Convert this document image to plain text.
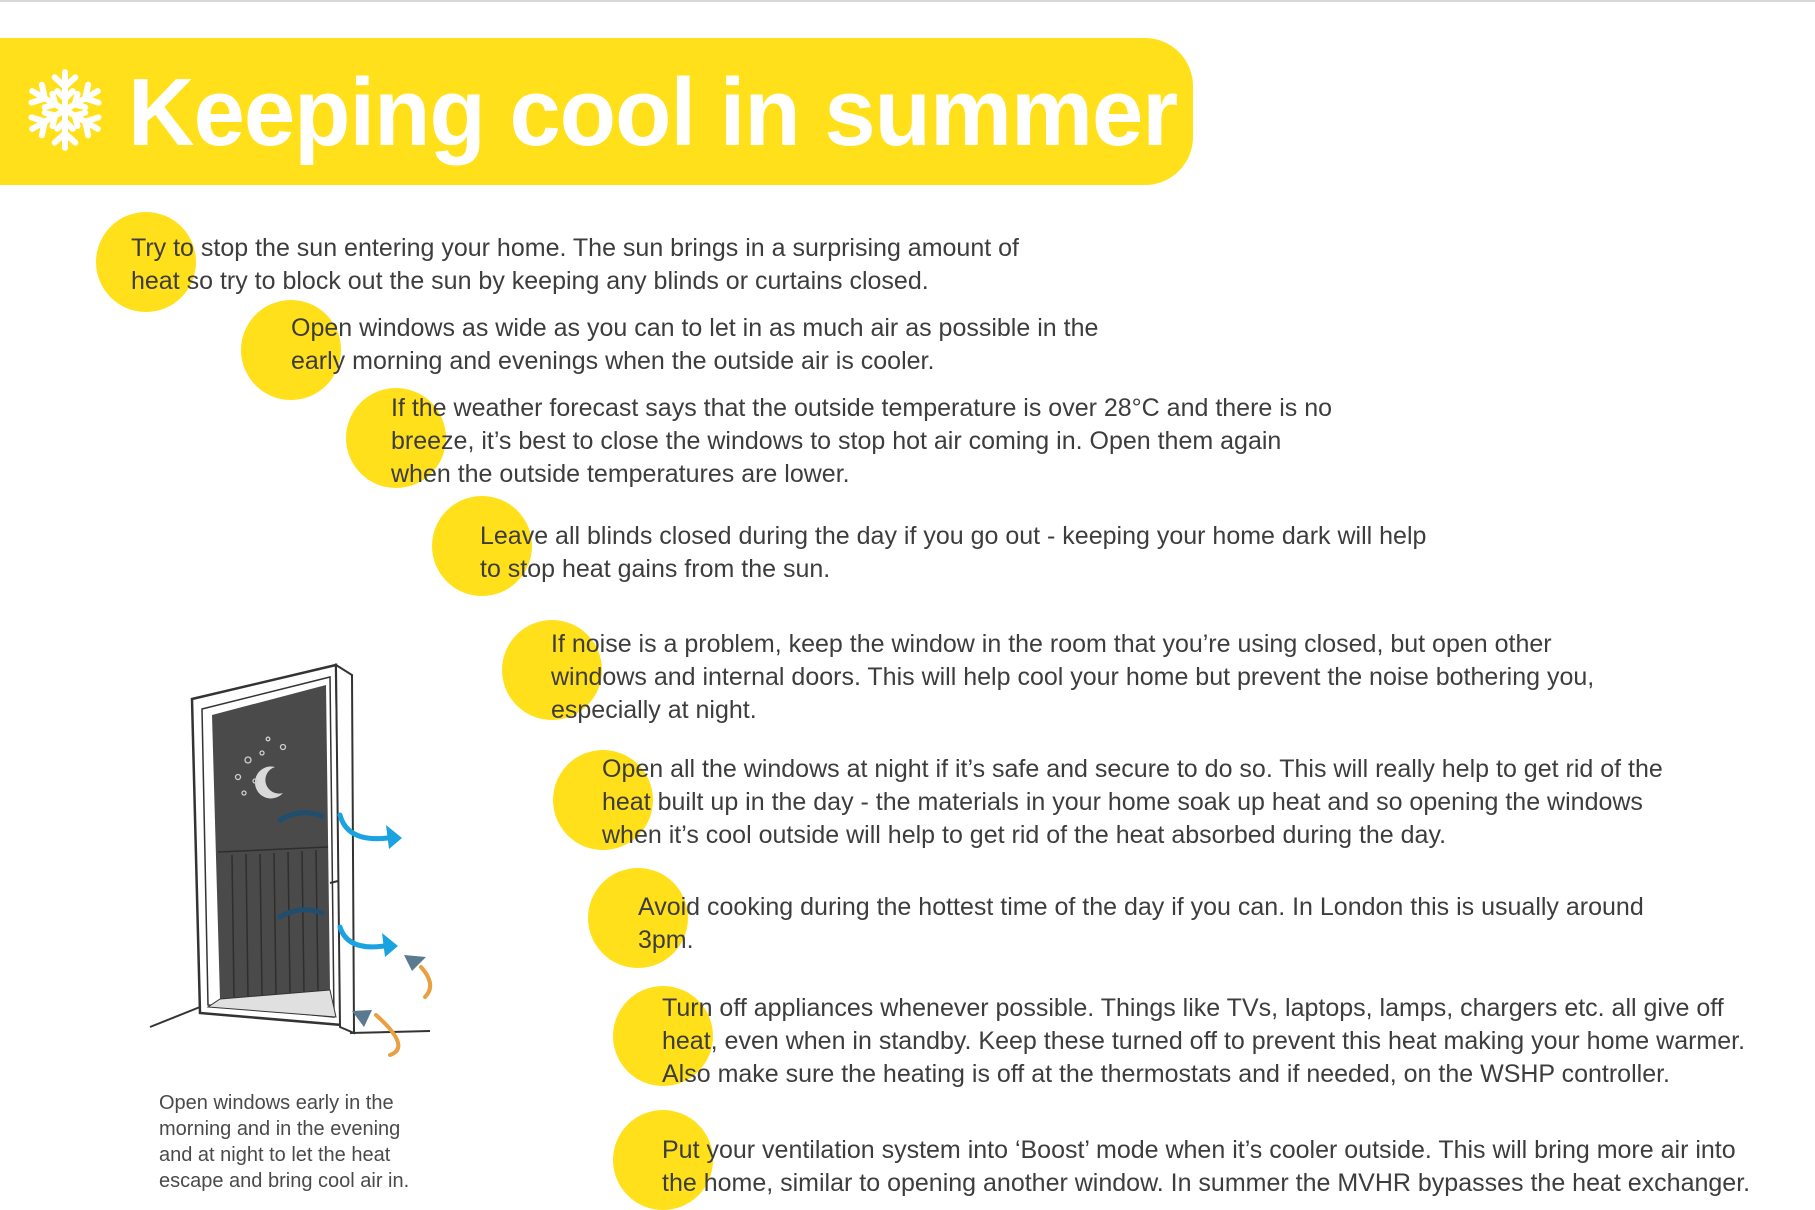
Keeping cool in summer

Try to stop the sun entering your home. The sun brings in a surprising amount of
heat so try to block out the sun by keeping any blinds or curtains closed.

Open windows as wide as you can to let in as much air as possible in the
early morning and evenings when the outside air is cooler.

If the weather forecast says that the outside temperature is over 28°C and there is no
breeze, it’s best to close the windows to stop hot air coming in. Open them again
when the outside temperatures are lower.

Leave all blinds closed during the day if you go out - keeping your home dark will help
to stop heat gains from the sun.

If noise is a problem, keep the window in the room that you’re using closed, but open other
windows and internal doors. This will help cool your home but prevent the noise bothering you,
especially at night.

Open all the windows at night if it’s safe and secure to do so. This will really help to get rid of the
heat built up in the day - the materials in your home soak up heat and so opening the windows
when it’s cool outside will help to get rid of the heat absorbed during the day.

Avoid cooking during the hottest time of the day if you can. In London this is usually around
3pm.

Turn off appliances whenever possible. Things like TVs, laptops, lamps, chargers etc. all give off
heat, even when in standby. Keep these turned off to prevent this heat making your home warmer.
Also make sure the heating is off at the thermostats and if needed, on the WSHP controller.

Put your ventilation system into ‘Boost’ mode when it’s cooler outside. This will bring more air into
the home, similar to opening another window. In summer the MVHR bypasses the heat exchanger.

Open windows early in the
morning and in the evening
and at night to let the heat
escape and bring cool air in.
